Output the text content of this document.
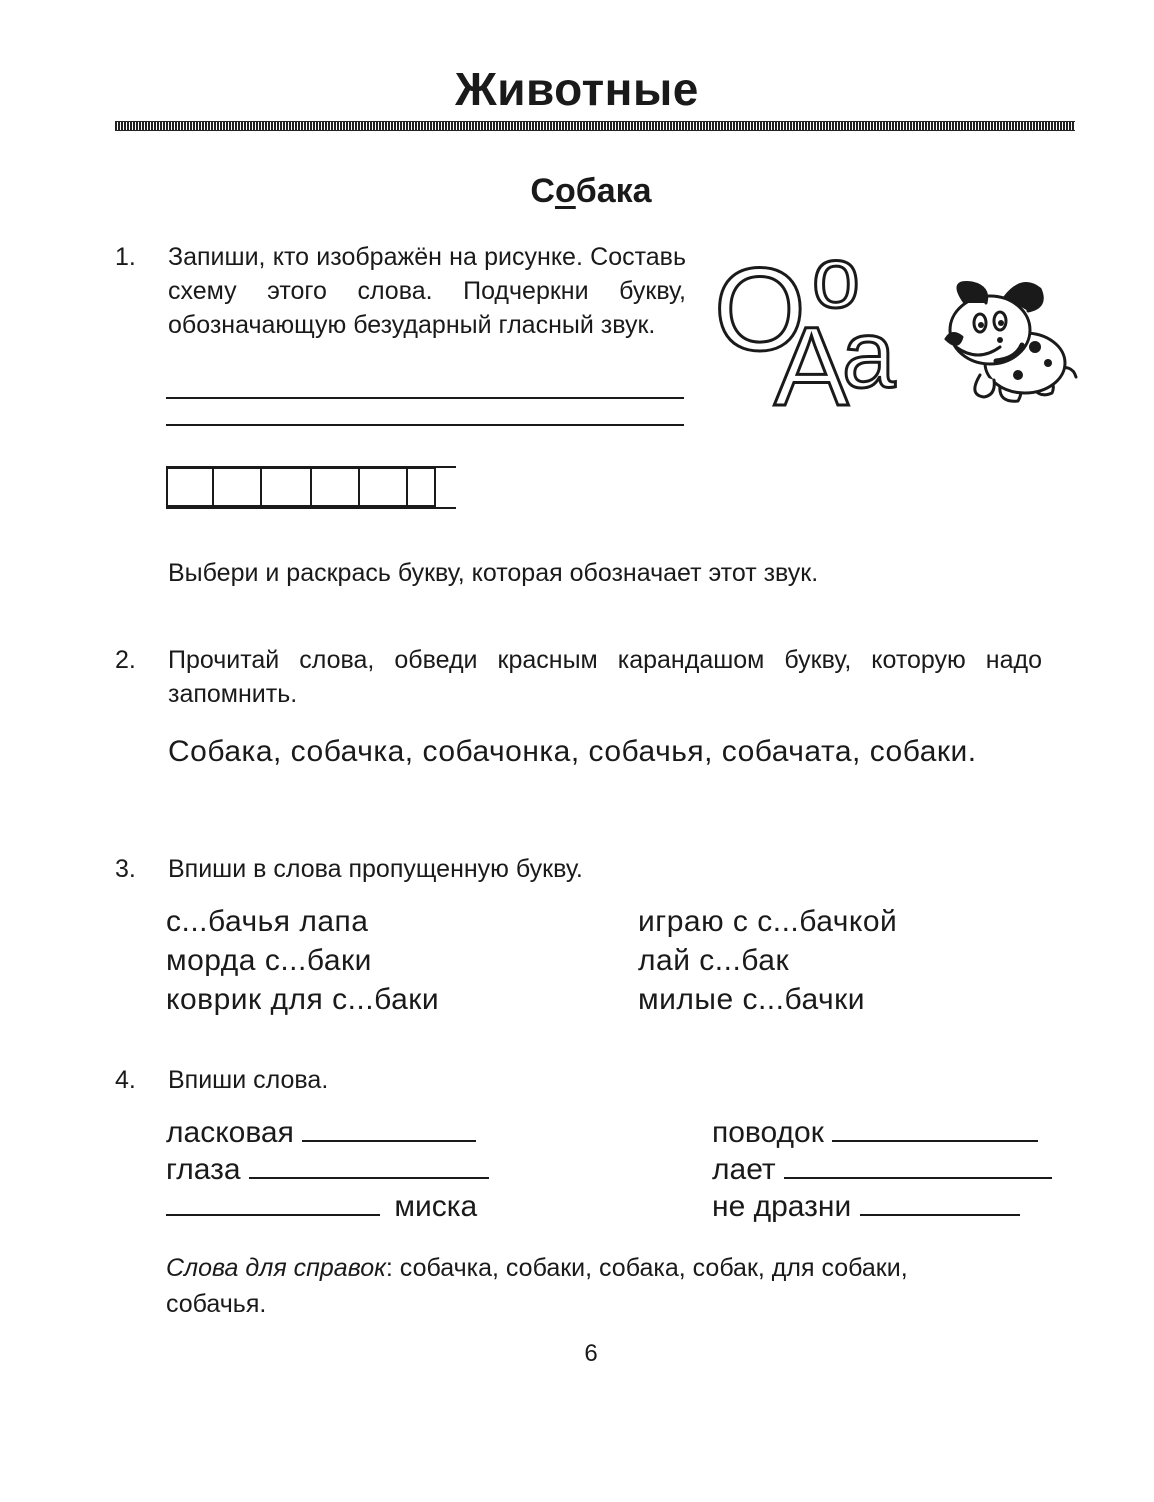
Животные
Собака
1. Запиши, кто изображён на рисунке. Составь схему этого слова. Подчеркни букву, обозначающую безударный гласный звук. О о
А
а
Выбери и раскрась букву, которая обозначает этот звук.
2. Прочитай слова, обведи красным карандашом букву, которую надо запомнить.
Собака, собачка, собачонка, собачья, собачата, собаки.
3. Впиши в слова пропущенную букву.
с...бачья лапа
морда с...баки
коврик для с...баки
играю с с...бачкой
лай с...бак
милые с...бачки
4. Впиши слова.
ласковая
глаза
миска
поводок
лает
не дразни
Слова для справок: собачка, собаки, собака, собак, для собаки, собачья.
6
